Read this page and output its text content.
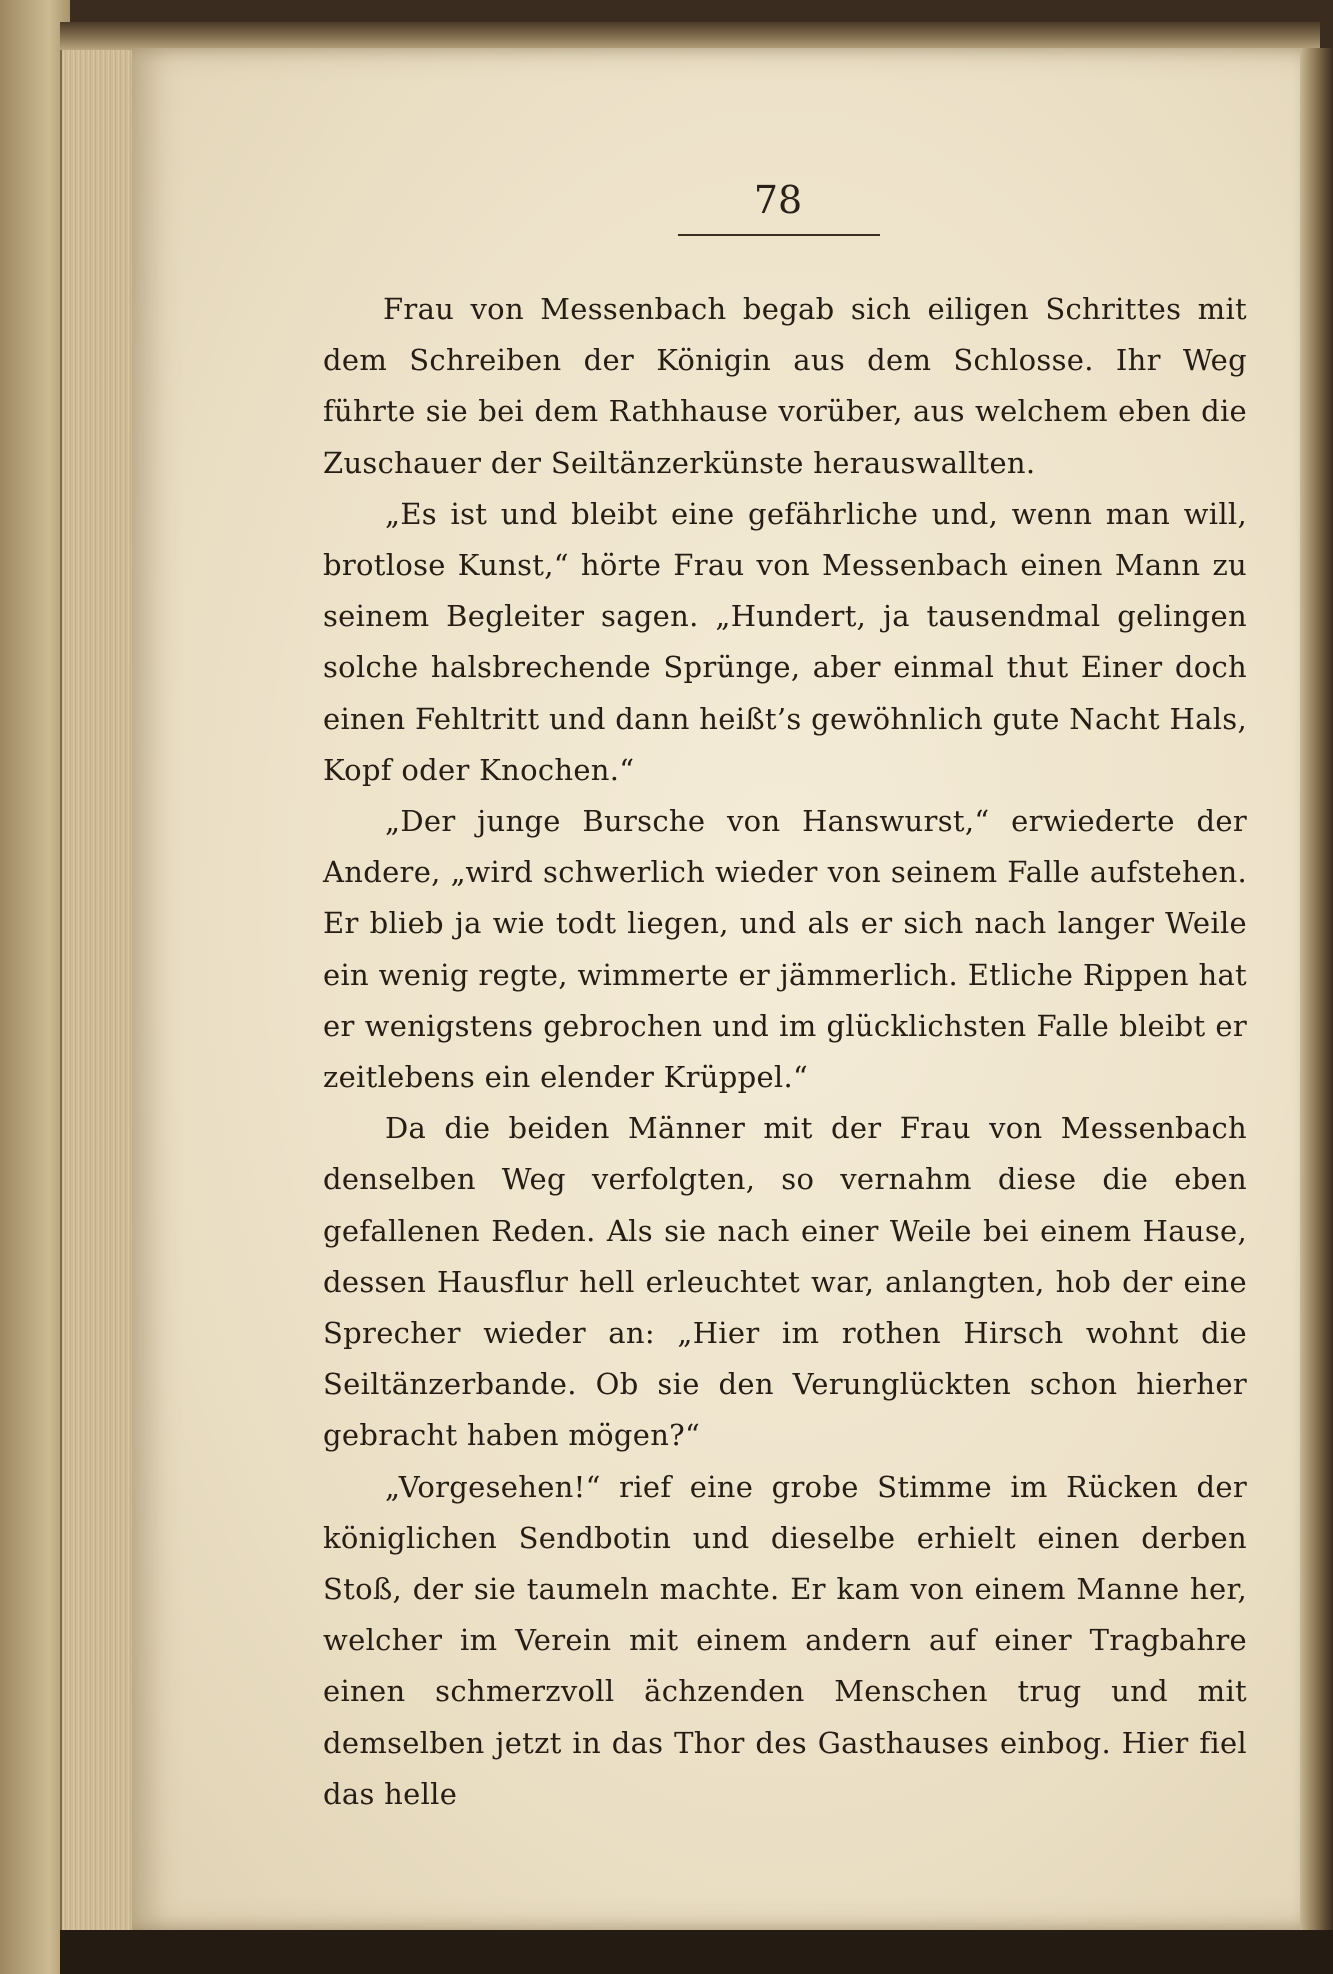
78

Frau von Messenbach begab sich eiligen Schrittes mit dem Schreiben der Königin aus dem Schlosse. Ihr Weg führte sie bei dem Rathhause vorüber, aus welchem eben die Zuschauer der Seiltänzerkünste herauswallten.

„Es ist und bleibt eine gefährliche und, wenn man will, brotlose Kunst,“ hörte Frau von Messenbach einen Mann zu seinem Begleiter sagen. „Hundert, ja tausendmal gelingen solche halsbrechende Sprünge, aber einmal thut Einer doch einen Fehltritt und dann heißt’s gewöhnlich gute Nacht Hals, Kopf oder Knochen.“

„Der junge Bursche von Hanswurst,“ erwiederte der Andere, „wird schwerlich wieder von seinem Falle aufstehen. Er blieb ja wie todt liegen, und als er sich nach langer Weile ein wenig regte, wimmerte er jämmerlich. Etliche Rippen hat er wenigstens gebrochen und im glücklichsten Falle bleibt er zeitlebens ein elender Krüppel.“

Da die beiden Männer mit der Frau von Messenbach denselben Weg verfolgten, so vernahm diese die eben gefallenen Reden. Als sie nach einer Weile bei einem Hause, dessen Hausflur hell erleuchtet war, anlangten, hob der eine Sprecher wieder an: „Hier im rothen Hirsch wohnt die Seiltänzerbande. Ob sie den Verunglückten schon hierher gebracht haben mögen?“

„Vorgesehen!“ rief eine grobe Stimme im Rücken der königlichen Sendbotin und dieselbe erhielt einen derben Stoß, der sie taumeln machte. Er kam von einem Manne her, welcher im Verein mit einem andern auf einer Tragbahre einen schmerzvoll ächzenden Menschen trug und mit demselben jetzt in das Thor des Gasthauses einbog. Hier fiel das helle
